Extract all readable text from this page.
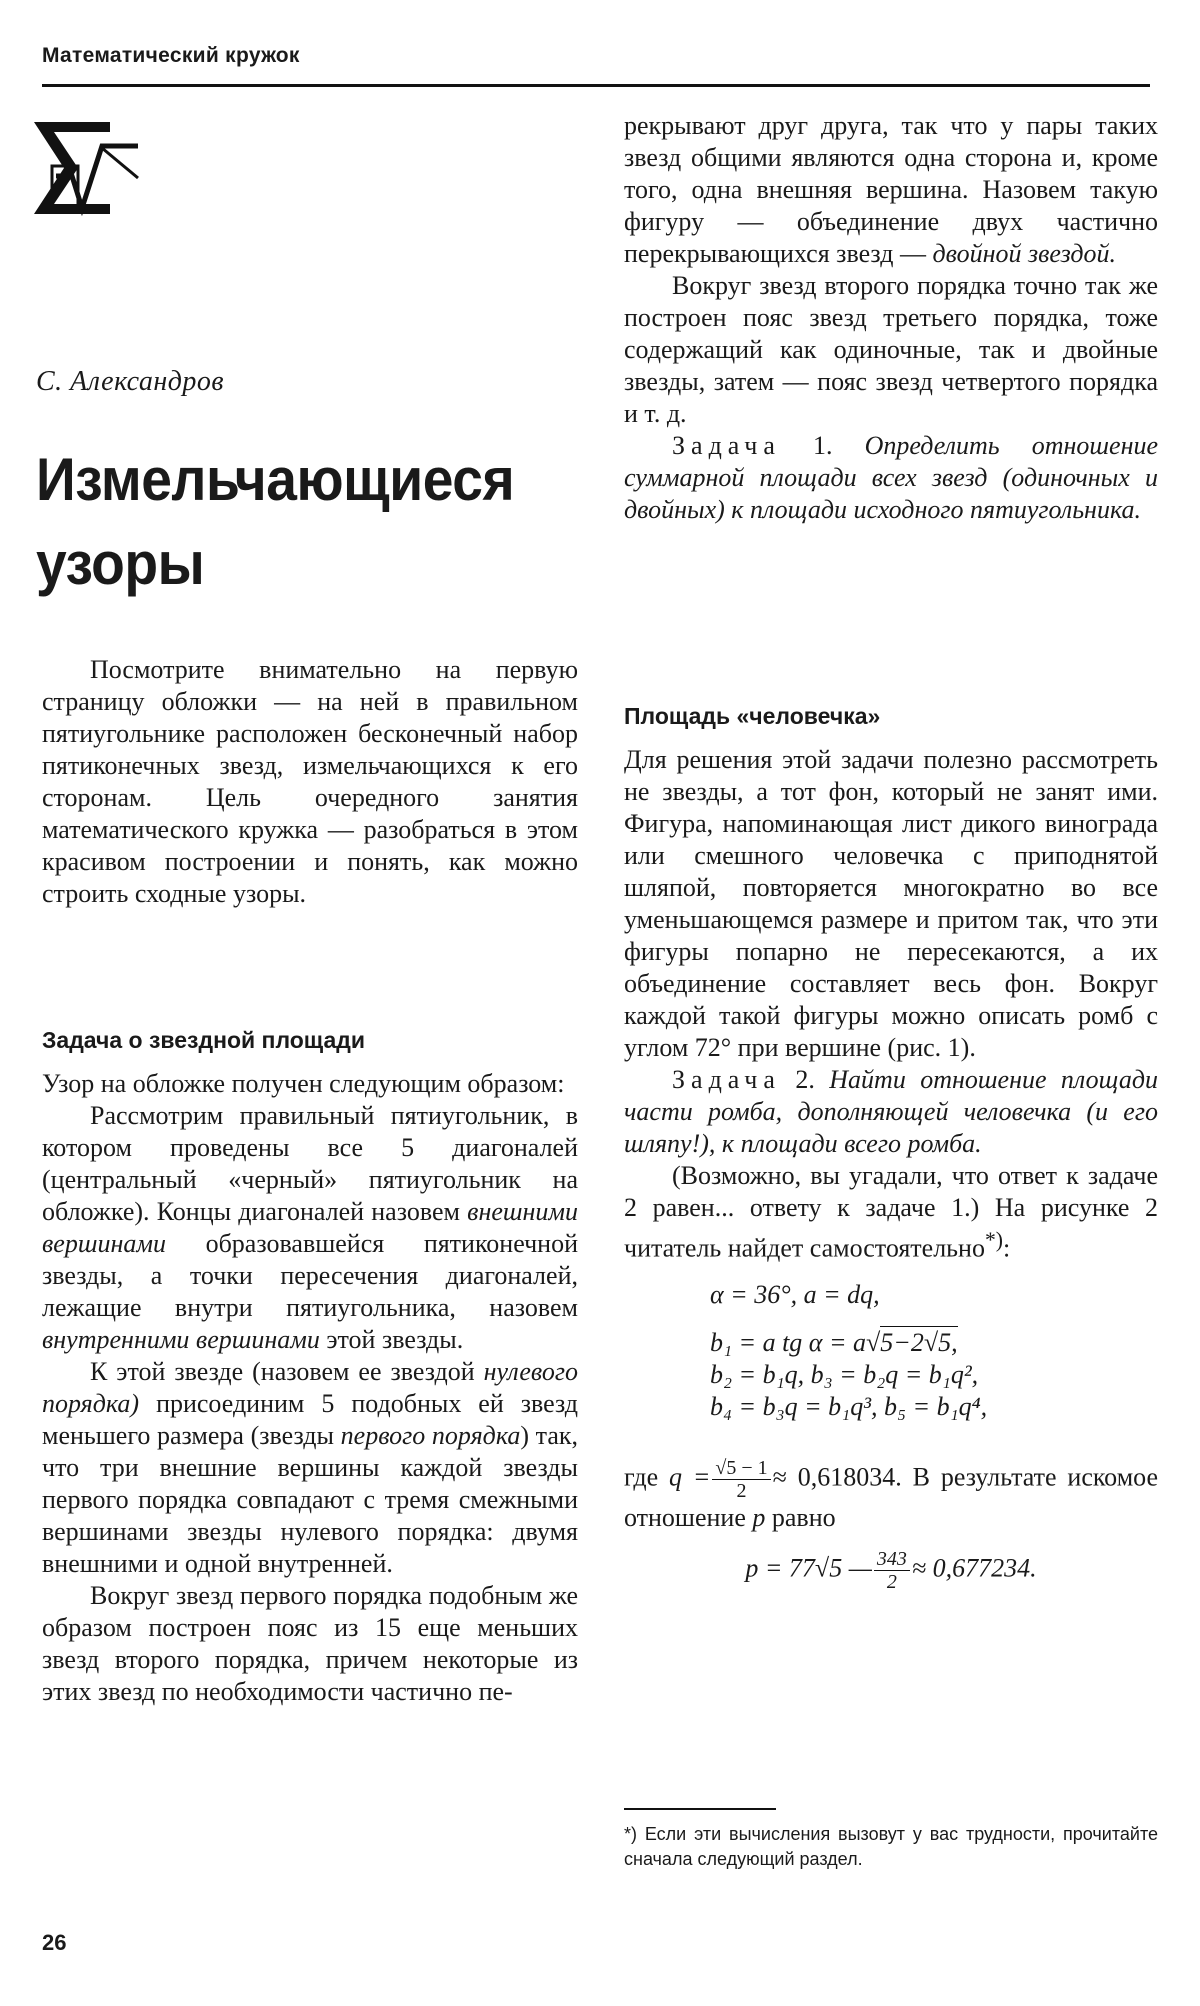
Математический кружок
С. Александров
Измельчающиеся узоры

Посмотрите внимательно на первую страницу обложки — на ней в правильном пятиугольнике расположен бесконечный набор пятиконечных звезд, измельчающихся к его сторонам. Цель очередного занятия математического кружка — разобраться в этом красивом построении и понять, как можно строить сходные узоры.

Задача о звездной площади

Узор на обложке получен следующим образом:

Рассмотрим правильный пятиугольник, в котором проведены все 5 диагоналей (центральный «черный» пятиугольник на обложке). Концы диагоналей назовем внешними вершинами образовавшейся пятиконечной звезды, а точки пересечения диагоналей, лежащие внутри пятиугольника, назовем внутренними вершинами этой звезды.

К этой звезде (назовем ее звездой нулевого порядка) присоединим 5 подобных ей звезд меньшего размера (звезды первого порядка) так, что три внешние вершины каждой звезды первого порядка совпадают с тремя смежными вершинами звезды нулевого порядка: двумя внешними и одной внутренней.

Вокруг звезд первого порядка подобным же образом построен пояс из 15 еще меньших звезд второго порядка, причем некоторые из этих звезд по необходимости частично пе-

рекрывают друг друга, так что у пары таких звезд общими являются одна сторона и, кроме того, одна внешняя вершина. Назовем такую фигуру — объединение двух частично перекрывающихся звезд — двойной звездой.

Вокруг звезд второго порядка точно так же построен пояс звезд третьего порядка, тоже содержащий как одиночные, так и двойные звезды, затем — пояс звезд четвертого порядка и т. д.

Задача 1. Определить отношение суммарной площади всех звезд (одиночных и двойных) к площади исходного пятиугольника.

Площадь «человечка»

Для решения этой задачи полезно рассмотреть не звезды, а тот фон, который не занят ими. Фигура, напоминающая лист дикого винограда или смешного человечка с приподнятой шляпой, повторяется многократно во все уменьшающемся размере и притом так, что эти фигуры попарно не пересекаются, а их объединение составляет весь фон. Вокруг каждой такой фигуры можно описать ромб с углом 72° при вершине (рис. 1).

Задача 2. Найти отношение площади части ромба, дополняющей человечка (и его шляпу!), к площади всего ромба.

(Возможно, вы угадали, что ответ к задаче 2 равен... ответу к задаче 1.) На рисунке 2 читатель найдет самостоятельно*):

α = 36°, a = dq,
b₁ = a tg α = a√5−2√5,
b₂ = b₁q, b₃ = b₂q = b₁q²,
b₄ = b₃q = b₁q³, b₅ = b₁q⁴,

где $q = \frac{√5 - 1}{2} \approx 0,618034$. В результате искомое отношение p равно

p = 77√5 — $\frac{343}{2} \approx 0,677234$.
*) Если эти вычисления вызовут у вас трудности, прочитайте сначала следующий раздел.
26
